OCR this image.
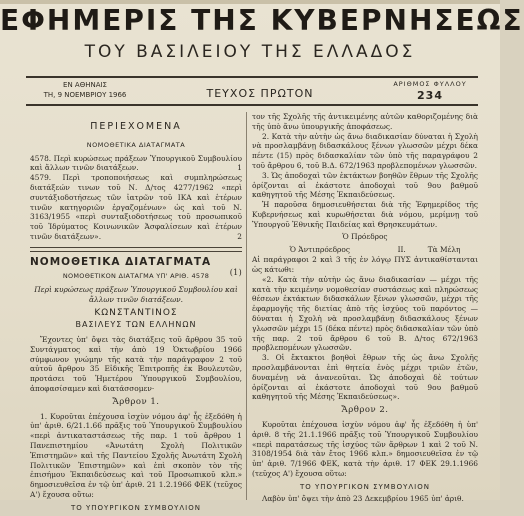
ΕΦΗΜΕΡΙΣ ΤΗΣ ΚΥΒΕΡΝΗΣΕΩΣ
ΤΟΥ ΒΑΣΙΛΕΙΟΥ ΤΗΣ ΕΛΛΑΔΟΣ
ΕΝ ΑΘΗΝΑΙΣ
ΤΗ, 9 ΝΟΕΜΒΡΙΟΥ 1966	ΤΕΥΧΟΣ ΠΡΩΤΟΝ
ΑΡΙΘΜΟΣ ΦΥΛΛΟΥ
234
ΠΕΡΙΕΧΟΜΕΝΑ
ΝΟΜΟΘΕΤΙΚΑ ΔΙΑΤΑΓΜΑΤΑ
4578. Περὶ κυρώσεως πράξεων Ὑπουργικοῦ Συμβουλίου καὶ ἄλλων τινῶν διατάξεων.	1
4579. Περὶ τροποποιήσεως καὶ συμπληρώσεως διατάξεών τινων τοῦ Ν. Δ/τος 4277/1962 «περὶ συντάξιοδοτήσεως τῶν ἰατρῶν τοῦ ΙΚΑ καὶ ἑτέρων τινῶν κατηγοριῶν ἐργαζομένων» ὡς καὶ τοῦ Ν. 3163/1955 «περὶ συνταξιοδοτήσεως τοῦ προσωπικοῦ τοῦ Ἱδρύματος Κοινωνικῶν Ἀσφαλίσεων καὶ ἑτέρων τινῶν διατάξεων».	2
ΝΟΜΟΘΕΤΙΚΑ ΔΙΑΤΑΓΜΑΤΑ
ΝΟΜΟΘΕΤΙΚΟΝ ΔΙΑΤΑΓΜΑ ΥΠ' ΑΡΙΘ. 4578	(1)
Περὶ κυρώσεως πράξεων Ὑπουργικοῦ Συμβουλίου καὶ ἄλλων τινῶν διατάξεων.
ΚΩΝΣΤΑΝΤΙΝΟΣ
ΒΑΣΙΛΕΥΣ ΤΩΝ ΕΛΛΗΝΩΝ

Ἔχοντες ὑπ' ὄψει τὰς διατάξεις τοῦ ἄρθρου 35 τοῦ Συντάγματος καὶ τὴν ἀπὸ 19 Ὀκτωβρίου 1966 σύμφωνον γνώμην τῆς κατὰ τὴν παράγραφον 2 τοῦ αὐτοῦ ἄρθρου 35 Εἰδικῆς Ἐπιτροπῆς ἐκ Βουλευτῶν, προτάσει τοῦ Ἡμετέρου Ὑπουργικοῦ Συμβουλίου, ἀποφασίσαμεν καὶ διατάσσομεν·

Ἄρθρον 1.

1. Κυροῦται ἐπέχουσα ἰσχὺν νόμου ἀφ' ἧς ἐξεδόθη ἡ ὑπ' ἀριθ. 6/21.1.66 πρᾶξις τοῦ Ὑπουργικοῦ Συμβουλίου «περὶ ἀντικαταστάσεως τῆς παρ. 1 τοῦ ἄρθρου 1 Πανεπιστημίου «Ἀνωτάτη Σχολὴ Πολιτικῶν Ἐπιστημῶν» καὶ τῆς Παντείου Σχολῆς Ἀνωτάτη Σχολὴ Πολιτικῶν Ἐπιστημῶν» καὶ ἐπὶ σκοπὸν τὸν τῆς ἐπισήμου Ἐκπαιδεύσεως καὶ τοῦ Προσωπικοῦ κλπ.» δημοσιευθεῖσα ἐν τῷ ὑπ' ἀριθ. 21 1.2.1966 ΦΕΚ (τεῦχος Α') ἔχουσα οὕτω:

ΤΟ ΥΠΟΥΡΓΙΚΟΝ ΣΥΜΒΟΥΛΙΟΝ

τον τῆς Σχολῆς τῆς ἀντικειμένης αὐτῶν καθοριζομένης διὰ τῆς ὑπὸ ἄνω ὑπουργικῆς ἀποφάσεως.

2. Κατὰ τὴν αὐτὴν ὡς ἄνω διαδικασίαν δύναται ἡ Σχολὴ νὰ προσλαμβάνῃ διδασκάλους ξένων γλωσσῶν μέχρι δέκα πέντε (15) πρὸς διδασκαλίαν τῶν ὑπὸ τῆς παραγράφου 2 τοῦ ἄρθρου 6, τοῦ Β.Δ. 672/1963 προβλεπομένων γλωσσῶν.

3. Ὡς ἀποδοχαὶ τῶν ἐκτάκτων βοηθῶν ἔθρων τῆς Σχολῆς ὁρίζονται αἱ ἐκάστοτε ἀποδοχαὶ τοῦ 9ου βαθμοῦ καθηγητοῦ τῆς Μέσης Ἐκπαιδεύσεως.

Ἡ παροῦσα δημοσιευθήσεται διὰ τῆς Ἐφημερίδος τῆς Κυβερνήσεως καὶ κυρωθήσεται διὰ νόμου, μερίμνῃ τοῦ Ὑπουργοῦ Ἐθνικῆς Παιδείας καὶ Θρησκευμάτων.

Ὁ Πρόεδρος
Ὁ Ἀντιπρόεδρος	Τὰ Μέλη

II. Αἱ παράγραφοι 2 καὶ 3 τῆς ἐν λόγῳ ΠΥΣ ἀντικαθίστανται ὡς κάτωθι:

«2. Κατὰ τὴν αὐτὴν ὡς ἄνω διαδικασίαν — μέχρι τῆς κατὰ τὴν κειμένην νομοθεσίαν συστάσεως καὶ πληρώσεως θέσεων ἐκτάκτων διδασκάλων ξένων γλωσσῶν, μέχρι τῆς ἐφαρμογῆς τῆς διετίας ἀπὸ τῆς ἰσχύος τοῦ παρόντος — δύναται ἡ Σχολὴ νὰ προσλαμβάνῃ διδασκάλους ξένων γλωσσῶν μέχρι 15 (δέκα πέντε) πρὸς διδασκαλίαν τῶν ὑπὸ τῆς παρ. 2 τοῦ ἄρθρου 6 τοῦ Β. Δ/τος 672/1963 προβλεπομένων γλωσσῶν.

3. Οἱ ἔκτακτοι βοηθοὶ ἔθρων τῆς ὡς ἄνω Σχολῆς προσλαμβάνονται ἐπὶ θητεία ἐνὸς μέχρι τριῶν ἐτῶν, δυναμένῃ νὰ ἀνανεοῦται. Ὡς ἀποδοχαὶ δὲ τούτων ὁρίζονται αἱ ἐκάστοτε ἀποδοχαὶ τοῦ 9ου βαθμοῦ καθηγητοῦ τῆς Μέσης Ἐκπαιδεύσεως».

Ἄρθρον 2.

Κυροῦται ἐπέχουσα ἰσχὺν νόμου ἀφ' ἧς ἐξεδόθη ἡ ὑπ' ἀριθ. 8 τῆς 21.1.1966 πρᾶξις τοῦ Ὑπουργικοῦ Συμβουλίου «περὶ παρατάσεως τῆς ἰσχύος τῶν ἄρθρων 1 καὶ 2 τοῦ Ν. 3108/1954 διὰ τὰν ἔτος 1966 κλπ.» δημοσιευθεῖσα ἐν τῷ ὑπ' ἀριθ. 7/1966 ΦΕΚ, κατὰ τὴν ἀριθ. 17 ΦΕΚ 29.1.1966 (τεῦχος Α') ἔχουσα οὕτω:

ΤΟ ΥΠΟΥΡΓΙΚΟΝ ΣΥΜΒΟΥΛΙΟΝ

Λαβὸν ὑπ' ὄψει τὴν ἀπὸ 23 Δεκεμβρίου 1965 ὑπ' ἀριθ.
